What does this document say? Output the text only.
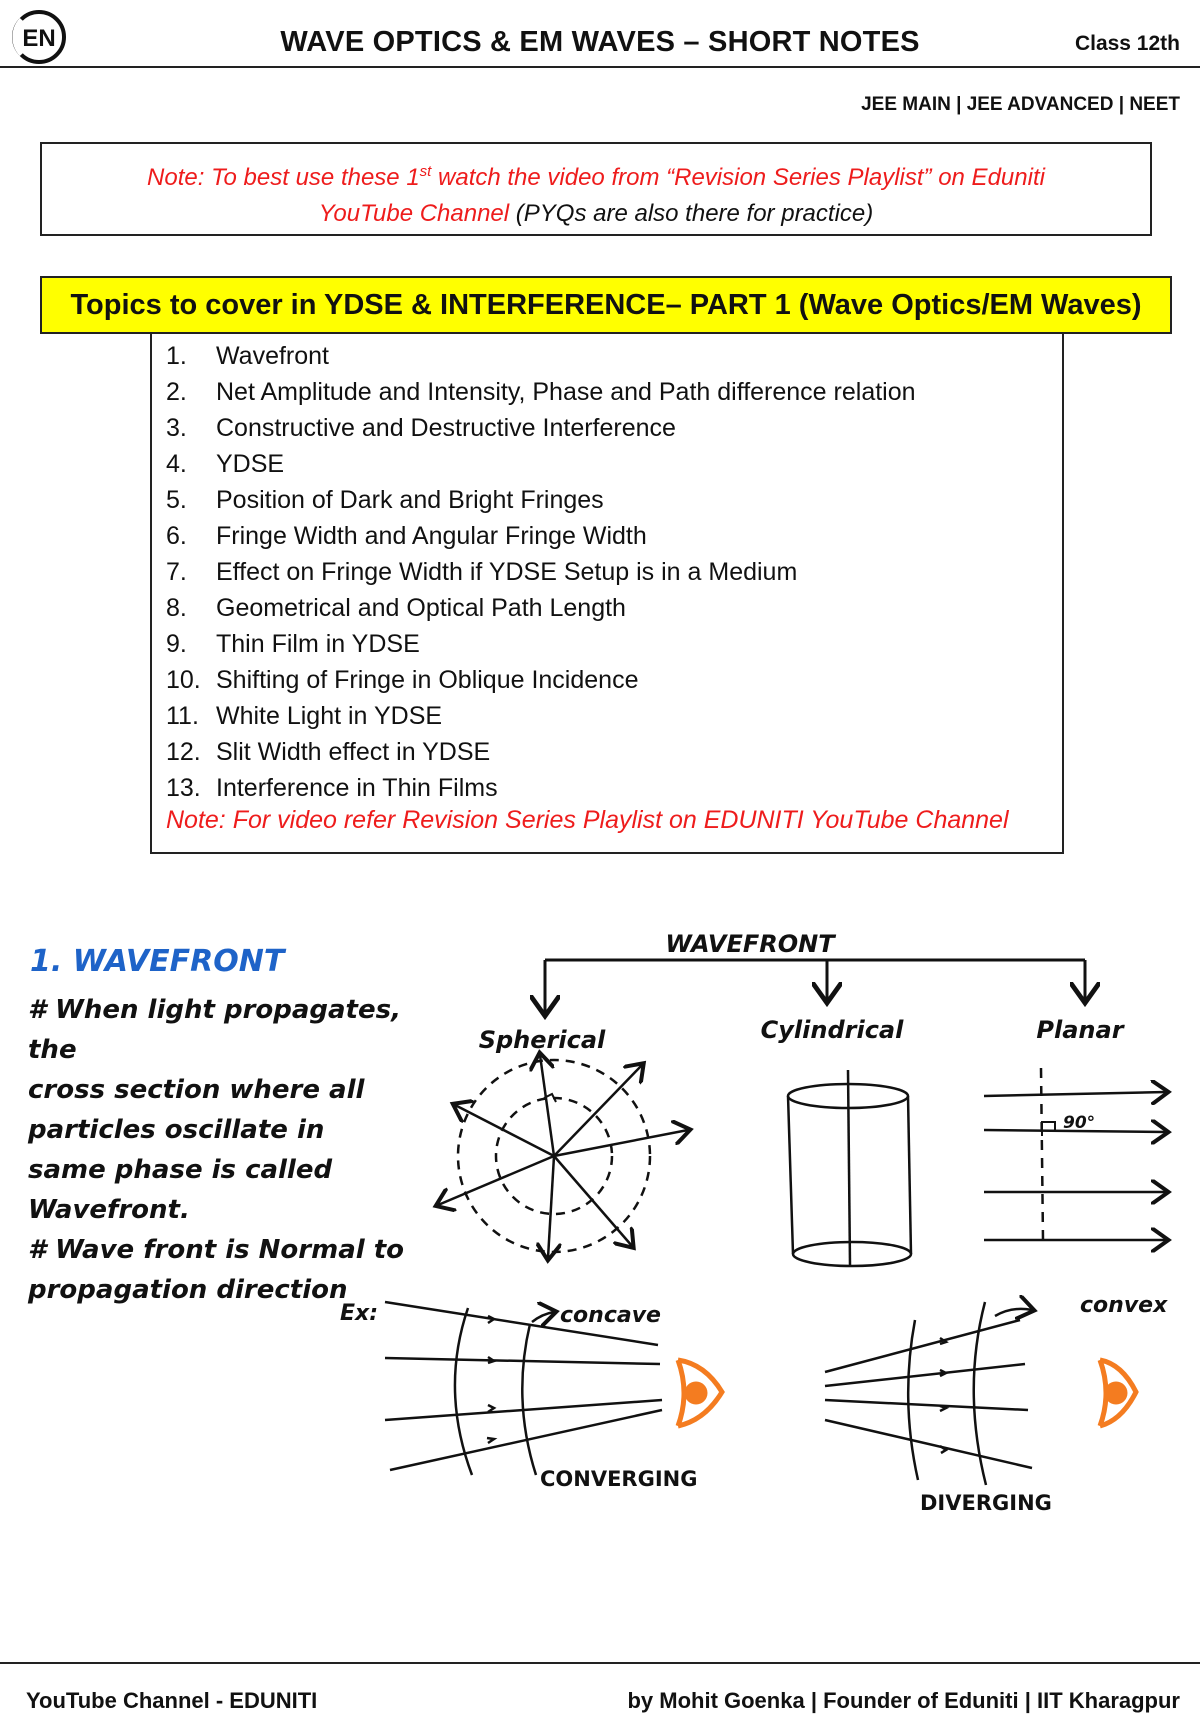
EN	WAVE OPTICS & EM WAVES – SHORT NOTES	Class 12th
JEE MAIN | JEE ADVANCED | NEET
Note: To best use these 1st watch the video from “Revision Series Playlist” on Eduniti
YouTube Channel (PYQs are also there for practice)
Topics to cover in YDSE & INTERFERENCE– PART 1 (Wave Optics/EM Waves)
1. Wavefront
2. Net Amplitude and Intensity, Phase and Path difference relation
3. Constructive and Destructive Interference
4. YDSE
5. Position of Dark and Bright Fringes
6. Fringe Width and Angular Fringe Width
7. Effect on Fringe Width if YDSE Setup is in a Medium
8. Geometrical and Optical Path Length
9. Thin Film in YDSE
10. Shifting of Fringe in Oblique Incidence
11. White Light in YDSE
12. Slit Width effect in YDSE
13. Interference in Thin Films
Note: For video refer Revision Series Playlist on EDUNITI YouTube Channel
1. WAVEFRONT

# When light propagates, the

cross section where all

particles oscillate in

same phase is called

Wavefront.

# Wave front is Normal to

propagation direction

WAVEFRONT
Spherical	Cylindrical	Planar
90°
Ex:	concave
CONVERGING
convex
DIVERGING
YouTube Channel - EDUNITI	by Mohit Goenka | Founder of Eduniti | IIT Kharagpur
